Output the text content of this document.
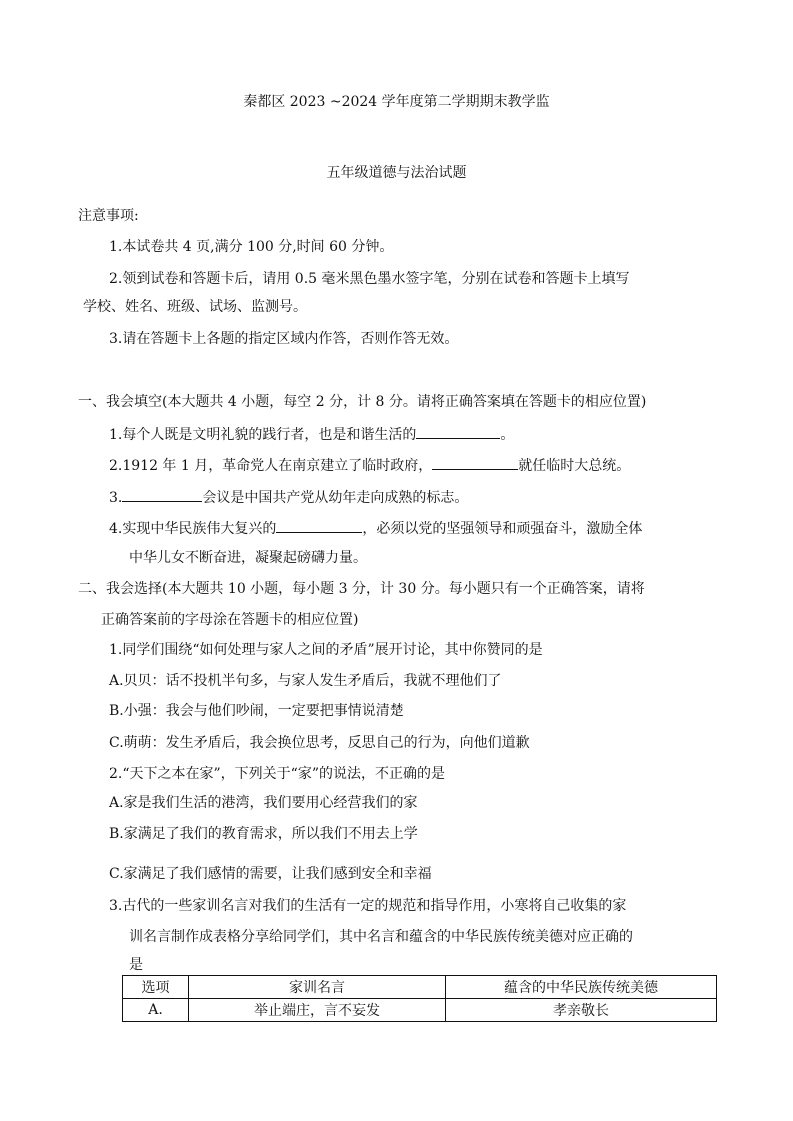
秦都区 2023 ~2024 学年度第二学期期末教学监
五年级道德与法治试题
注意事项:
1.本试卷共 4 页,满分 100 分,时间 60 分钟。
2.领到试卷和答题卡后，请用 0.5 毫米黑色墨水签字笔，分别在试卷和答题卡上填写
学校、姓名、班级、试场、监测号。
3.请在答题卡上各题的指定区域内作答，否则作答无效。
一、我会填空(本大题共 4 小题，每空 2 分，计 8 分。请将正确答案填在答题卡的相应位置)
1.每个人既是文明礼貌的践行者，也是和谐生活的	。
2.1912 年 1 月，革命党人在南京建立了临时政府，	就任临时大总统。
3.	会议是中国共产党从幼年走向成熟的标志。
4.实现中华民族伟大复兴的	，必须以党的坚强领导和顽强奋斗，激励全体
中华儿女不断奋进，凝聚起磅礴力量。
二、我会选择(本大题共 10 小题，每小题 3 分，计 30 分。每小题只有一个正确答案，请将
正确答案前的字母涂在答题卡的相应位置)
1.同学们围绕“如何处理与家人之间的矛盾”展开讨论，其中你赞同的是
A.贝贝：话不投机半句多，与家人发生矛盾后，我就不理他们了
B.小强：我会与他们吵闹，一定要把事情说清楚
C.萌萌：发生矛盾后，我会换位思考，反思自己的行为，向他们道歉
2.“天下之本在家”，下列关于“家”的说法，不正确的是
A.家是我们生活的港湾，我们要用心经营我们的家
B.家满足了我们的教育需求，所以我们不用去上学
C.家满足了我们感情的需要，让我们感到安全和幸福
3.古代的一些家训名言对我们的生活有一定的规范和指导作用，小寒将自己收集的家
训名言制作成表格分享给同学们，其中名言和蕴含的中华民族传统美德对应正确的
是
选项	家训名言	蕴含的中华民族传统美德
A.	举止端庄，言不妄发	孝亲敬长
